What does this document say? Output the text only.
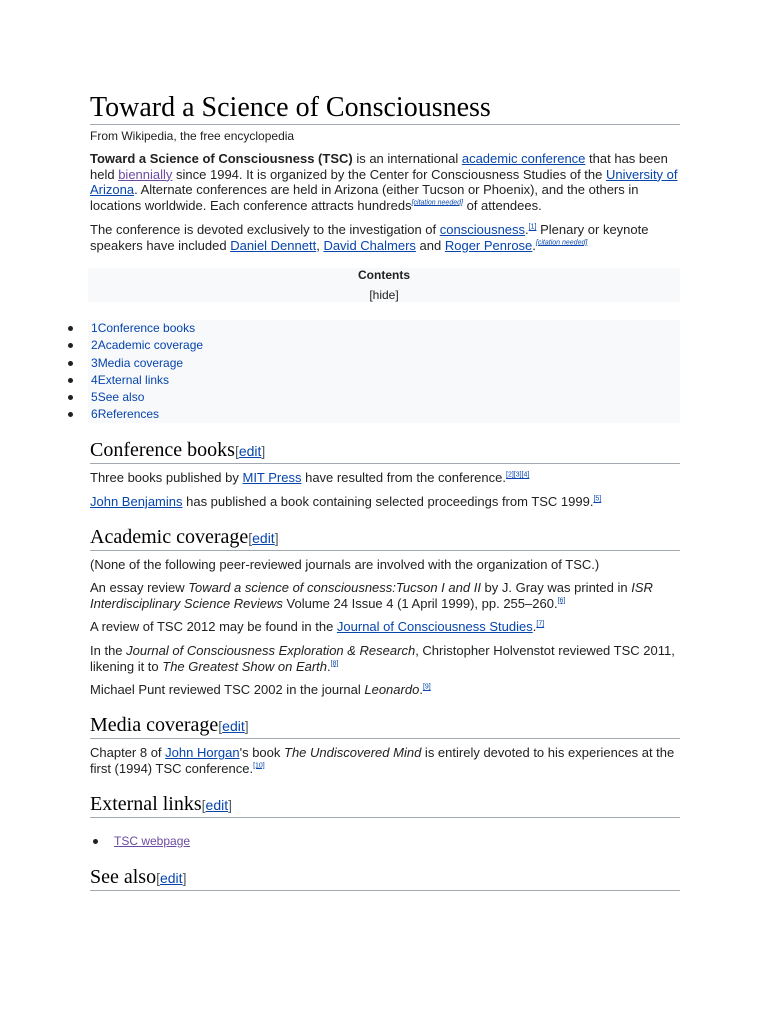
Toward a Science of Consciousness
From Wikipedia, the free encyclopedia

Toward a Science of Consciousness (TSC) is an international academic conference that has been held biennially since 1994. It is organized by the Center for Consciousness Studies of the University of Arizona. Alternate conferences are held in Arizona (either Tucson or Phoenix), and the others in locations worldwide. Each conference attracts hundreds[citation needed] of attendees.

The conference is devoted exclusively to the investigation of consciousness.[1] Plenary or keynote speakers have included Daniel Dennett, David Chalmers and Roger Penrose.[citation needed]

Contents
[hide]
1Conference books
2Academic coverage
3Media coverage
4External links
5See also
6References
Conference books[edit]

Three books published by MIT Press have resulted from the conference.[2][3][4]

John Benjamins has published a book containing selected proceedings from TSC 1999.[5]

Academic coverage[edit]

(None of the following peer-reviewed journals are involved with the organization of TSC.)

An essay review Toward a science of consciousness:Tucson I and II by J. Gray was printed in ISR Interdisciplinary Science Reviews Volume 24 Issue 4 (1 April 1999), pp. 255–260.[6]

A review of TSC 2012 may be found in the Journal of Consciousness Studies.[7]

In the Journal of Consciousness Exploration & Research, Christopher Holvenstot reviewed TSC 2011, likening it to The Greatest Show on Earth.[8]

Michael Punt reviewed TSC 2002 in the journal Leonardo.[9]

Media coverage[edit]

Chapter 8 of John Horgan's book The Undiscovered Mind is entirely devoted to his experiences at the first (1994) TSC conference.[10]

External links[edit]
TSC webpage
See also[edit]
